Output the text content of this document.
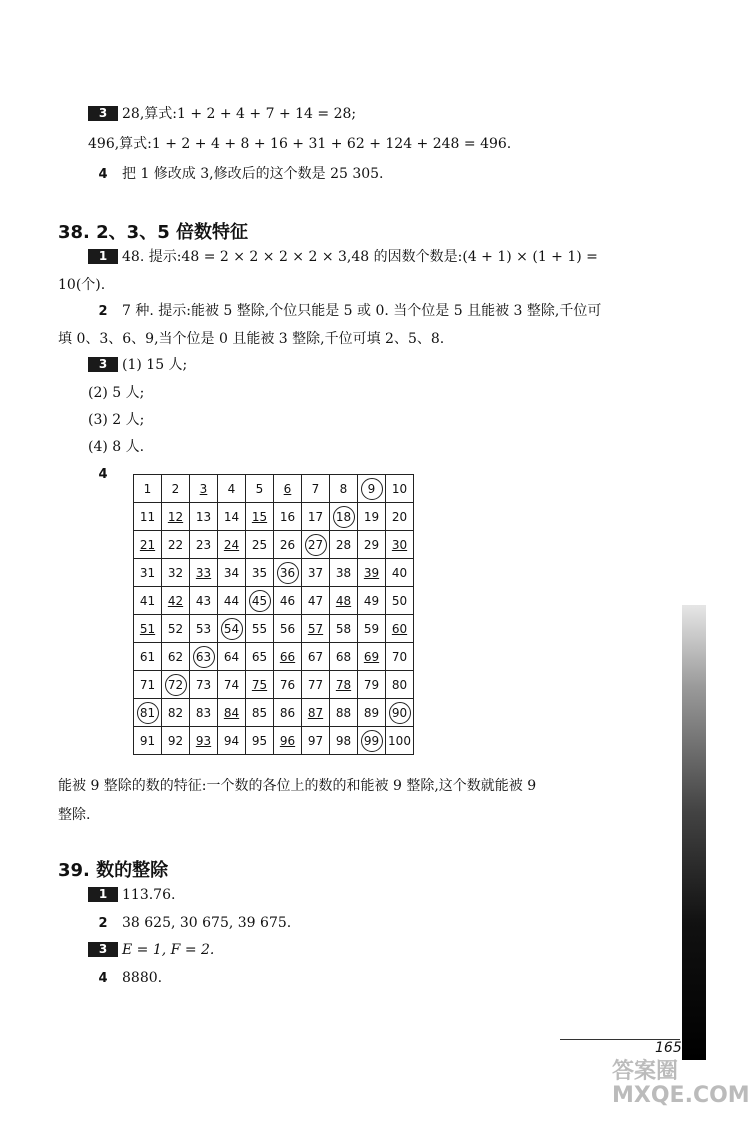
3 28,算式:1 + 2 + 4 + 7 + 14 = 28;
496,算式:1 + 2 + 4 + 8 + 16 + 31 + 62 + 124 + 248 = 496.
4 把 1 修改成 3,修改后的这个数是 25 305.
38. 2、3、5 倍数特征
1 48. 提示:48 = 2 × 2 × 2 × 2 × 3,48 的因数个数是:(4 + 1) × (1 + 1) =
10(个).
2 7 种. 提示:能被 5 整除,个位只能是 5 或 0. 当个位是 5 且能被 3 整除,千位可
填 0、3、6、9,当个位是 0 且能被 3 整除,千位可填 2、5、8.
3 (1) 15 人;
(2) 5 人;
(3) 2 人;
(4) 8 人.
4
1	2	3	4	5	6	7	8	9	10
11	12	13	14	15	16	17	18	19	20
21	22	23	24	25	26	27	28	29	30
31	32	33	34	35	36	37	38	39	40
41	42	43	44	45	46	47	48	49	50
51	52	53	54	55	56	57	58	59	60
61	62	63	64	65	66	67	68	69	70
71	72	73	74	75	76	77	78	79	80
81	82	83	84	85	86	87	88	89	90
91	92	93	94	95	96	97	98	99	100
能被 9 整除的数的特征:一个数的各位上的数的和能被 9 整除,这个数就能被 9
整除.
39. 数的整除
1 113.76.
2 38 625, 30 675, 39 675.
3 E = 1, F = 2.
4 8880.
165
答案圈 MXQE.COM
